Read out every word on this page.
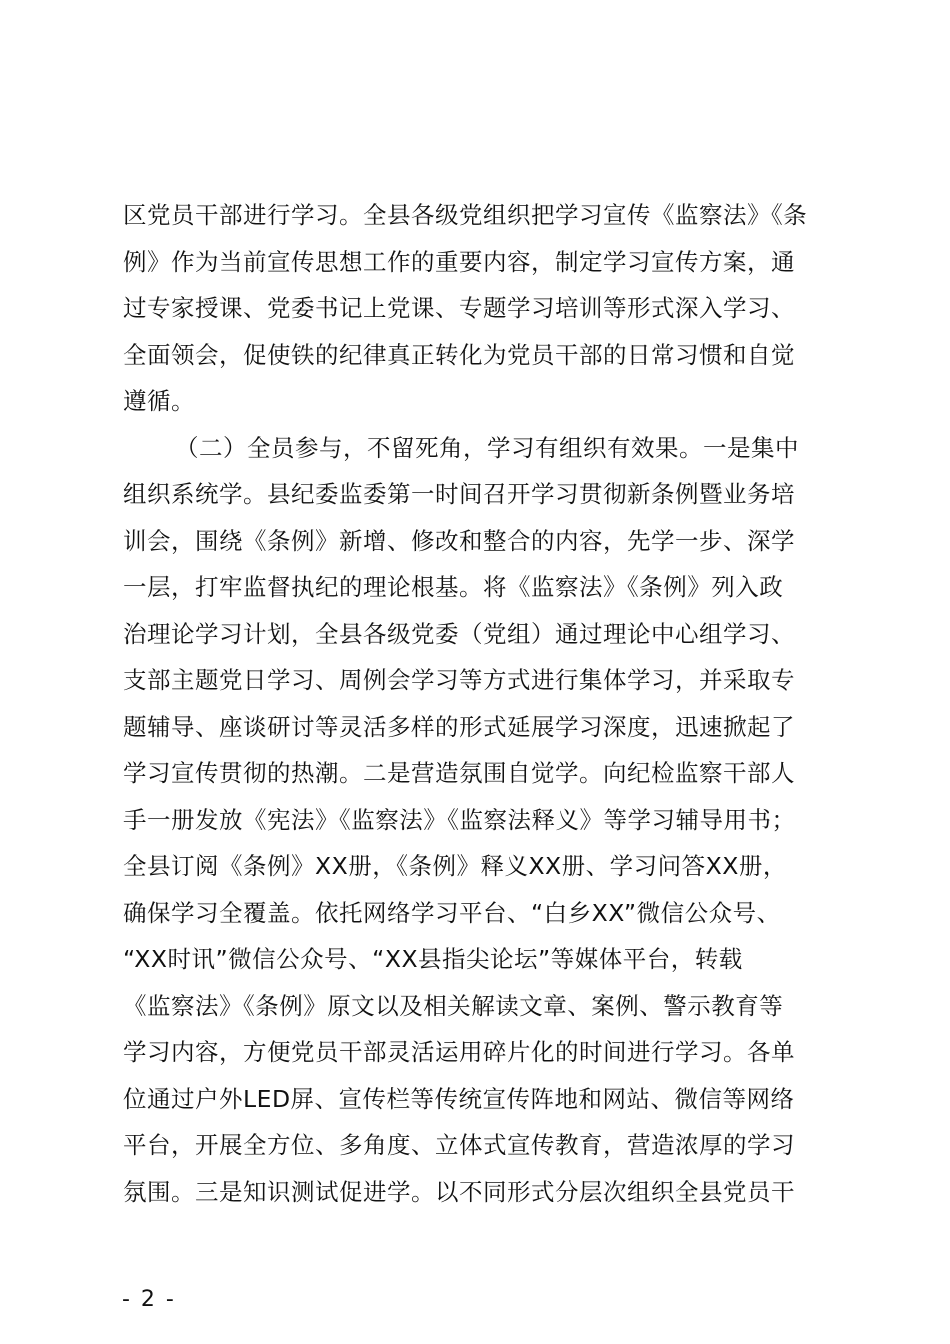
区党员干部进行学习。全县各级党组织把学习宣传《监察法》《条
例》作为当前宣传思想工作的重要内容，制定学习宣传方案，通
过专家授课、党委书记上党课、专题学习培训等形式深入学习、
全面领会，促使铁的纪律真正转化为党员干部的日常习惯和自觉
遵循。
（二）全员参与，不留死角，学习有组织有效果。一是集中
组织系统学。县纪委监委第一时间召开学习贯彻新条例暨业务培
训会，围绕《条例》新增、修改和整合的内容，先学一步、深学
一层，打牢监督执纪的理论根基。将《监察法》《条例》列入政
治理论学习计划，全县各级党委（党组）通过理论中心组学习、
支部主题党日学习、周例会学习等方式进行集体学习，并采取专
题辅导、座谈研讨等灵活多样的形式延展学习深度，迅速掀起了
学习宣传贯彻的热潮。二是营造氛围自觉学。向纪检监察干部人
手一册发放《宪法》《监察法》《监察法释义》等学习辅导用书；
全县订阅《条例》XX册，《条例》释义XX册、学习问答XX册，
确保学习全覆盖。依托网络学习平台、“白乡XX”微信公众号、
“XX时讯”微信公众号、“XX县指尖论坛”等媒体平台，转载
《监察法》《条例》原文以及相关解读文章、案例、警示教育等
学习内容，方便党员干部灵活运用碎片化的时间进行学习。各单
位通过户外LED屏、宣传栏等传统宣传阵地和网站、微信等网络
平台，开展全方位、多角度、立体式宣传教育，营造浓厚的学习
氛围。三是知识测试促进学。以不同形式分层次组织全县党员干
- 2 -
